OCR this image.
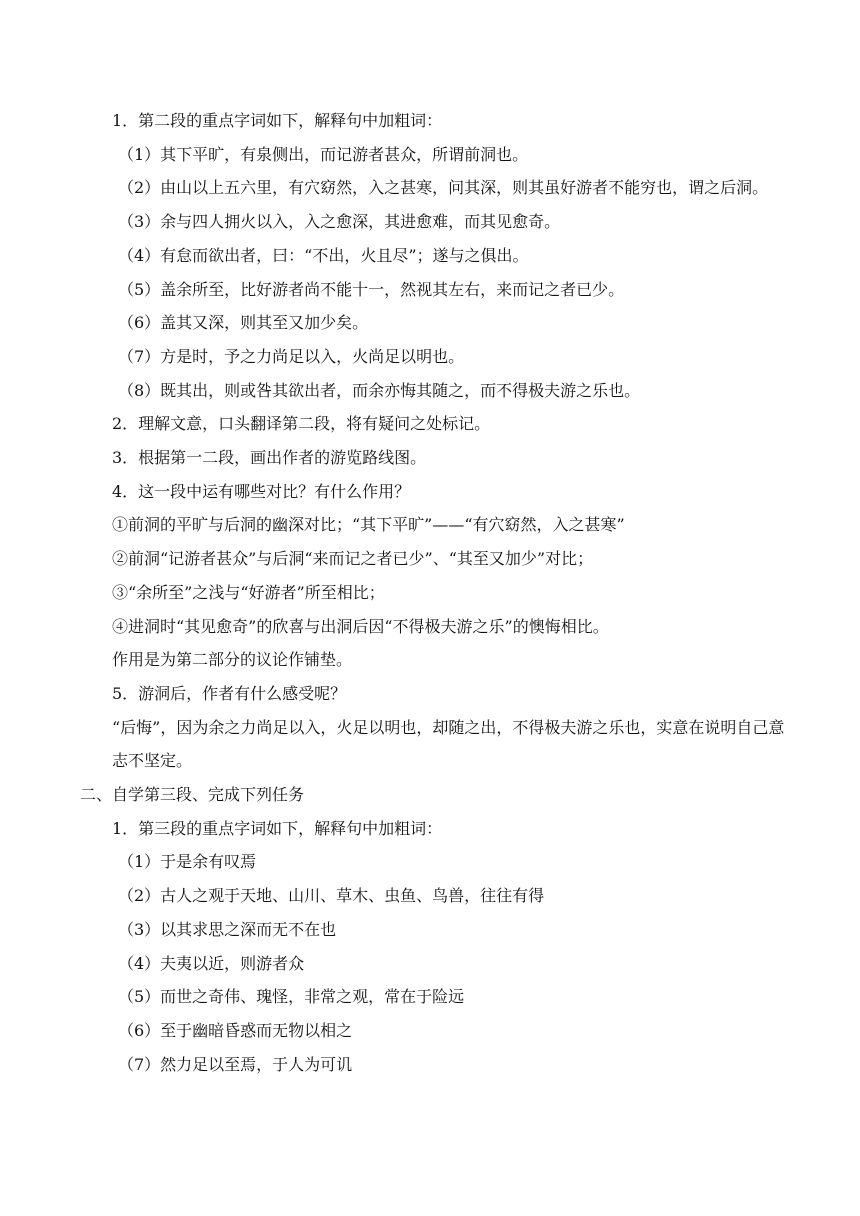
1．第二段的重点字词如下，解释句中加粗词：

（1）其下平旷，有泉侧出，而记游者甚众，所谓前洞也。

（2）由山以上五六里，有穴窈然，入之甚寒，问其深，则其虽好游者不能穷也，谓之后洞。

（3）余与四人拥火以入，入之愈深，其进愈难，而其见愈奇。

（4）有怠而欲出者，曰：“不出，火且尽”；遂与之俱出。

（5）盖余所至，比好游者尚不能十一，然视其左右，来而记之者已少。

（6）盖其又深，则其至又加少矣。

（7）方是时，予之力尚足以入，火尚足以明也。

（8）既其出，则或咎其欲出者，而余亦悔其随之，而不得极夫游之乐也。

2．理解文意，口头翻译第二段，将有疑问之处标记。

3．根据第一二段，画出作者的游览路线图。

4．这一段中运有哪些对比？有什么作用？

①前洞的平旷与后洞的幽深对比；“其下平旷”——“有穴窈然，入之甚寒”

②前洞“记游者甚众”与后洞“来而记之者已少”、“其至又加少”对比；

③“余所至”之浅与“好游者”所至相比；

④进洞时“其见愈奇”的欣喜与出洞后因“不得极夫游之乐”的懊悔相比。

作用是为第二部分的议论作铺垫。

5．游洞后，作者有什么感受呢？

“后悔”，因为余之力尚足以入，火足以明也，却随之出，不得极夫游之乐也，实意在说明自己意志不坚定。

二、自学第三段、完成下列任务

1．第三段的重点字词如下，解释句中加粗词：

（1）于是余有叹焉

（2）古人之观于天地、山川、草木、虫鱼、鸟兽，往往有得

（3）以其求思之深而无不在也

（4）夫夷以近，则游者众

（5）而世之奇伟、瑰怪，非常之观，常在于险远

（6）至于幽暗昏惑而无物以相之

（7）然力足以至焉，于人为可讥
